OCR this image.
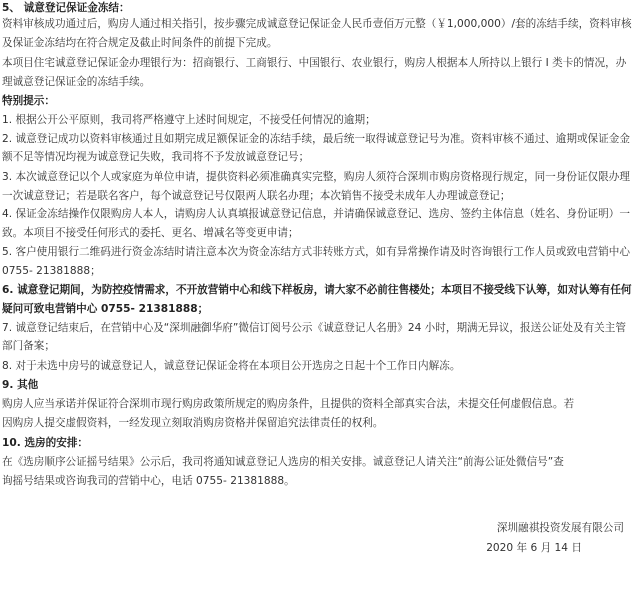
5、 诚意登记保证金冻结：

资料审核成功通过后，购房人通过相关指引，按步骤完成诚意登记保证金人民币壹佰万元整（￥1,000,000）/套的冻结手续，资料审核

及保证金冻结均在符合规定及截止时间条件的前提下完成。

本项目住宅诚意登记保证金办理银行为：招商银行、工商银行、中国银行、农业银行，购房人根据本人所持以上银行 I 类卡的情况，办

理诚意登记保证金的冻结手续。

特别提示：

1. 根据公开公平原则，我司将严格遵守上述时间规定，不接受任何情况的逾期；

2. 诚意登记成功以资料审核通过且如期完成足额保证金的冻结手续，最后统一取得诚意登记号为准。资料审核不通过、逾期或保证金金

额不足等情况均视为诚意登记失败，我司将不予发放诚意登记号；

3. 本次诚意登记以个人或家庭为单位申请，提供资料必须准确真实完整，购房人须符合深圳市购房资格现行规定，同一身份证仅限办理

一次诚意登记；若是联名客户，每个诚意登记号仅限两人联名办理；本次销售不接受未成年人办理诚意登记；

4. 保证金冻结操作仅限购房人本人，请购房人认真填报诚意登记信息，并请确保诚意登记、选房、签约主体信息（姓名、身份证明）一

致。本项目不接受任何形式的委托、更名、增减名等变更申请；

5. 客户使用银行二维码进行资金冻结时请注意本次为资金冻结方式非转账方式，如有异常操作请及时咨询银行工作人员或致电营销中心

0755- 21381888；

6. 诚意登记期间，为防控疫情需求，不开放营销中心和线下样板房，请大家不必前往售楼处；本项目不接受线下认筹，如对认筹有任何

疑问可致电营销中心 0755- 21381888；

7. 诚意登记结束后，在营销中心及“深圳融御华府”微信订阅号公示《诚意登记人名册》24 小时，期满无异议，报送公证处及有关主管

部门备案；

8. 对于未选中房号的诚意登记人，诚意登记保证金将在本项目公开选房之日起十个工作日内解冻。

9. 其他

购房人应当承诺并保证符合深圳市现行购房政策所规定的购房条件，且提供的资料全部真实合法，未提交任何虚假信息。若

因购房人提交虚假资料，一经发现立刻取消购房资格并保留追究法律责任的权利。

10. 选房的安排：

在《选房顺序公证摇号结果》公示后，我司将通知诚意登记人选房的相关安排。诚意登记人请关注“前海公证处微信号”查

询摇号结果或咨询我司的营销中心，电话 0755- 21381888。

深圳融祺投资发展有限公司

2020 年 6 月 14 日
